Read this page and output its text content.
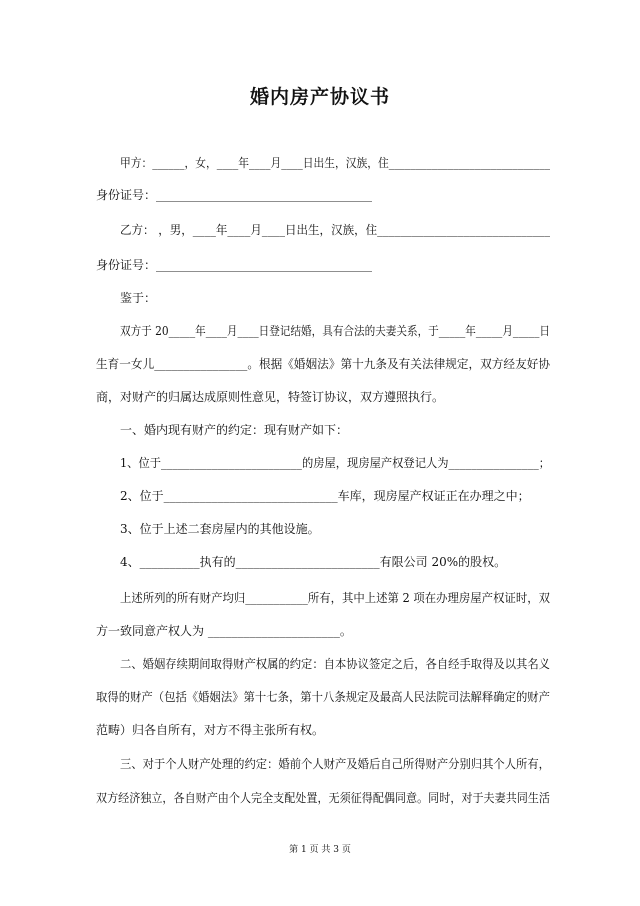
婚内房产协议书
甲方：______，女，____年____月____日出生，汉族，住______________________________
身份证号：____________________________________
乙方： ，男，____年____月____日出生，汉族，住______________________________
身份证号：____________________________________
鉴于：
双方于 20_____年____月____日登记结婚，具有合法的夫妻关系，于_____年_____月_____日
生育一女儿________________。根据《婚姻法》第十九条及有关法律规定，双方经友好协
商，对财产的归属达成原则性意见，特签订协议，双方遵照执行。
一、婚内现有财产的约定：现有财产如下：
1、位于_________________________的房屋，现房屋产权登记人为________________；
2、位于_____________________________车库，现房屋产权证正在办理之中；
3、位于上述二套房屋内的其他设施。
4、__________执有的________________________有限公司 20%的股权。
上述所列的所有财产均归___________所有，其中上述第 2 项在办理房屋产权证时，双
方一致同意产权人为 ______________________。
二、婚姻存续期间取得财产权属的约定：自本协议签定之后，各自经手取得及以其名义
取得的财产（包括《婚姻法》第十七条，第十八条规定及最高人民法院司法解释确定的财产
范畴）归各自所有，对方不得主张所有权。
三、对于个人财产处理的约定：婚前个人财产及婚后自己所得财产分别归其个人所有，
双方经济独立，各自财产由个人完全支配处置，无须征得配偶同意。同时，对于夫妻共同生活
第 1 页 共 3 页
